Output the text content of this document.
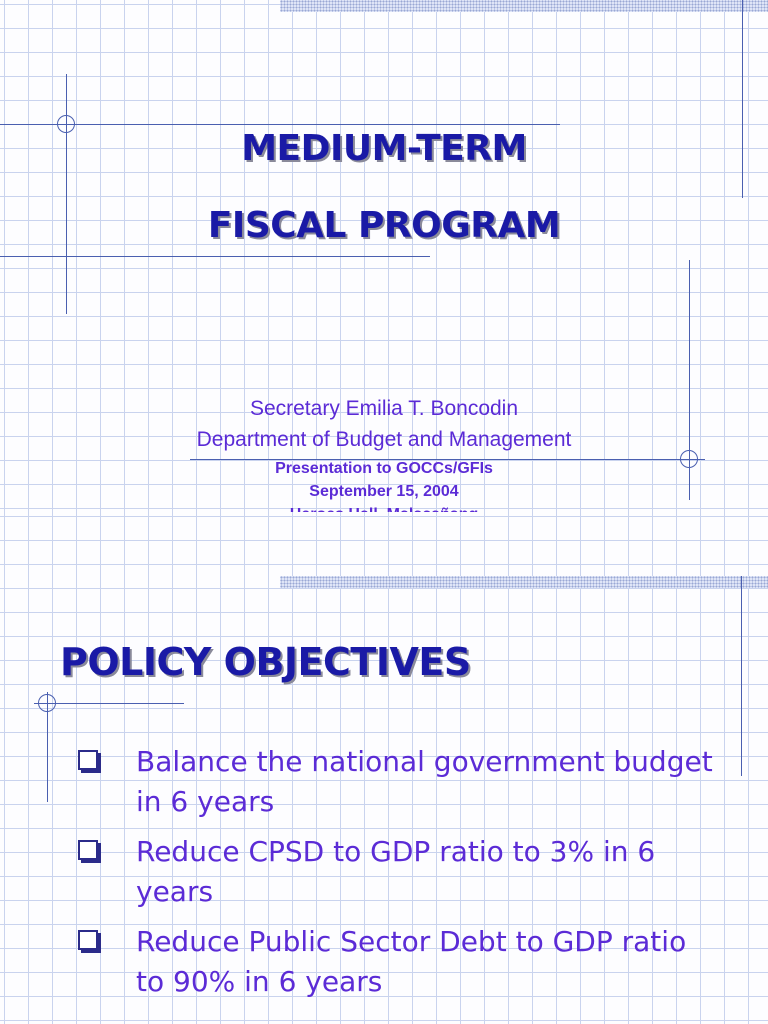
MEDIUM-TERM
FISCAL PROGRAM

Secretary Emilia T. Boncodin

Department of Budget and Management

Presentation to GOCCs/GFIs

September 15, 2004

POLICY OBJECTIVES
Balance the national government budget in 6 years
Reduce CPSD to GDP ratio to 3% in 6 years
Reduce Public Sector Debt to GDP ratio to 90% in 6 years
